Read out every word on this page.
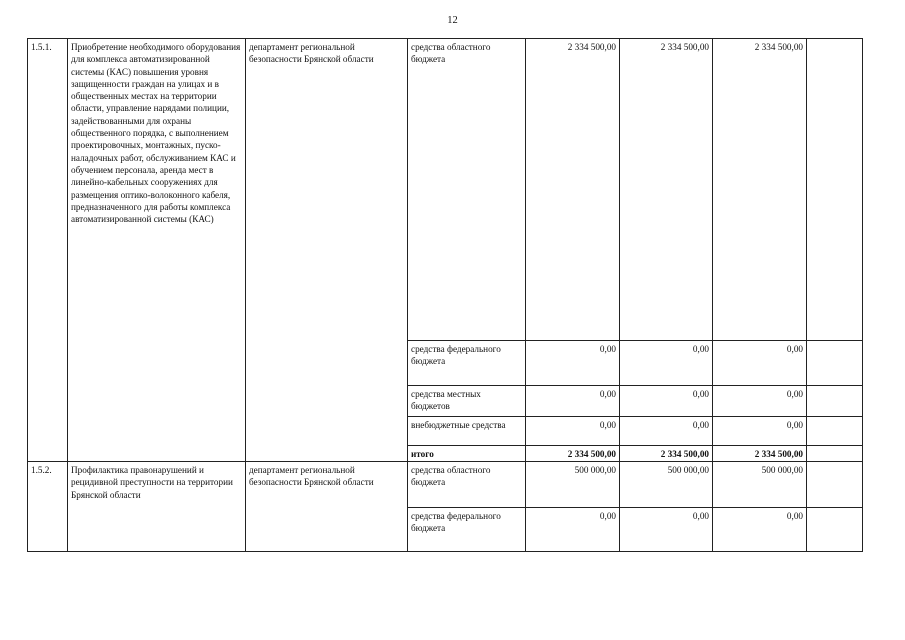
12
1.5.1.	Приобретение необходимого оборудования для комплекса автоматизированной системы (КАС) повышения уровня защищенности граждан на улицах и в общественных местах на территории области, управление нарядами полиции, задействованными для охраны общественного порядка, с выполнением проектировочных, монтажных, пуско-наладочных работ, обслуживанием КАС и обучением персонала, аренда мест в линейно-кабельных сооружениях для размещения оптико-волоконного кабеля, предназначенного для работы комплекса автоматизированной системы (КАС)	департамент региональной безопасности Брянской области	средства областного бюджета	2 334 500,00	2 334 500,00	2 334 500,00	
			средства федерального бюджета	0,00	0,00	0,00	
			средства местных бюджетов	0,00	0,00	0,00	
			внебюджетные средства	0,00	0,00	0,00	
			итого	2 334 500,00	2 334 500,00	2 334 500,00	
1.5.2.	Профилактика правонарушений и рецидивной преступности на территории Брянской области	департамент региональной безопасности Брянской области	средства областного бюджета	500 000,00	500 000,00	500 000,00	
			средства федерального бюджета	0,00	0,00	0,00	
